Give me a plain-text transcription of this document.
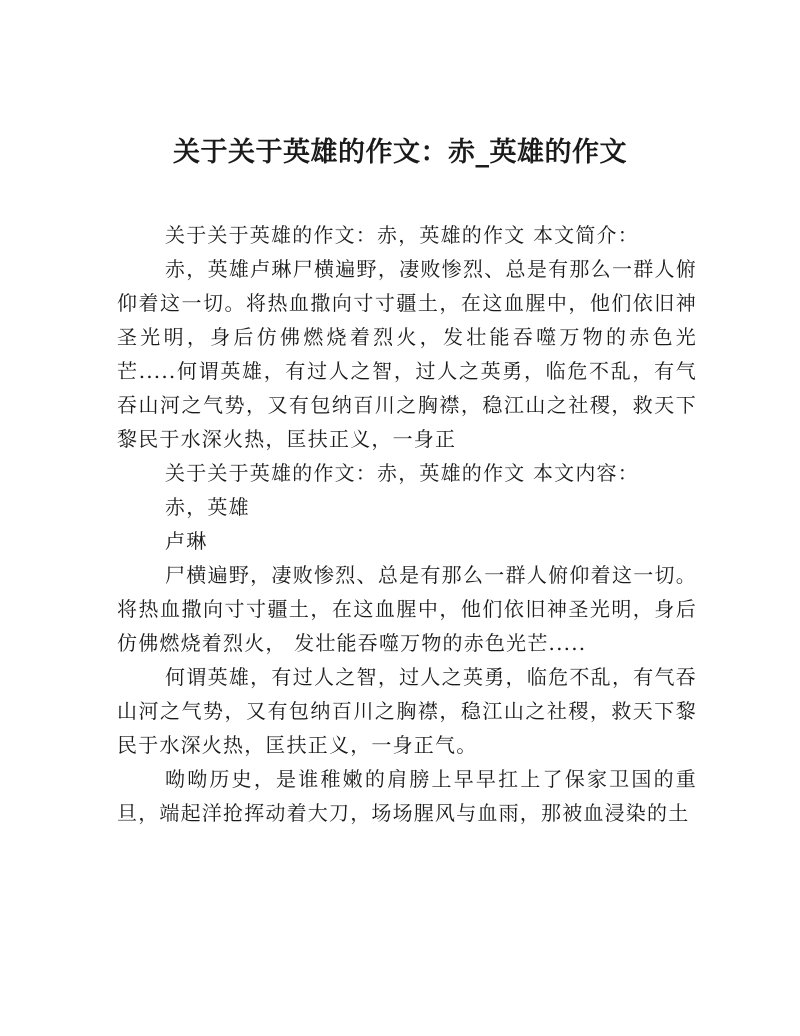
关于关于英雄的作文：赤_英雄的作文

关于关于英雄的作文：赤，英雄的作文 本文简介：

赤，英雄卢琳尸横遍野，凄败惨烈、总是有那么一群人俯仰着这一切。将热血撒向寸寸疆土，在这血腥中，他们依旧神圣光明，身后仿佛燃烧着烈火，发壮能吞噬万物的赤色光芒.....何谓英雄，有过人之智，过人之英勇，临危不乱，有气吞山河之气势，又有包纳百川之胸襟，稳江山之社稷，救天下黎民于水深火热，匡扶正义，一身正

关于关于英雄的作文：赤，英雄的作文 本文内容：

赤，英雄

卢琳

尸横遍野，凄败惨烈、总是有那么一群人俯仰着这一切。将热血撒向寸寸疆土，在这血腥中，他们依旧神圣光明，身后仿佛燃烧着烈火， 发壮能吞噬万物的赤色光芒.....

何谓英雄，有过人之智，过人之英勇，临危不乱，有气吞山河之气势，又有包纳百川之胸襟，稳江山之社稷，救天下黎民于水深火热，匡扶正义，一身正气。

呦呦历史，是谁稚嫩的肩膀上早早扛上了保家卫国的重旦，端起洋抢挥动着大刀，场场腥风与血雨，那被血浸染的土
